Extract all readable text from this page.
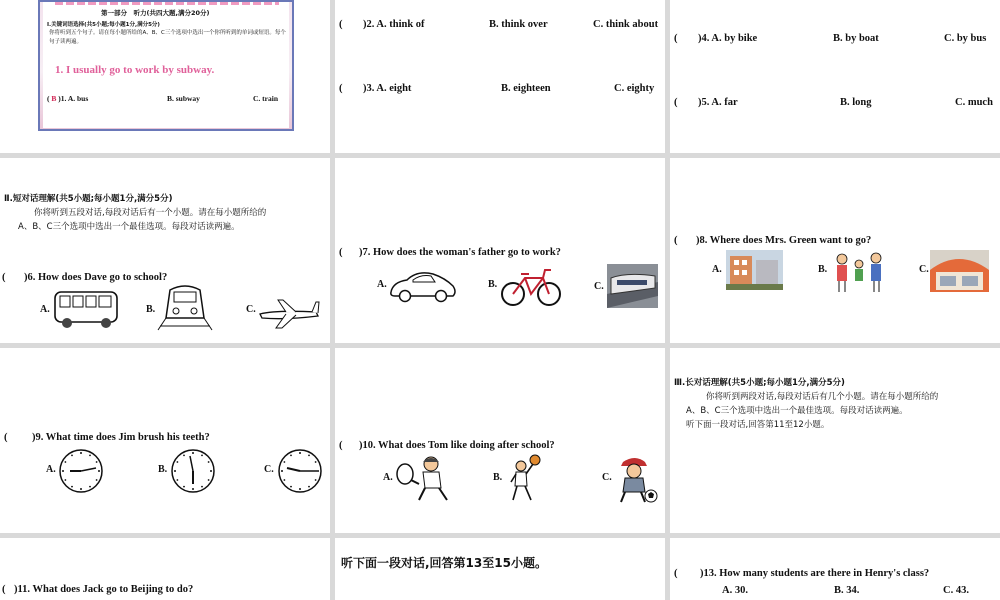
第一部分　听力(共四大题,满分20分)
Ⅰ.关键词语选择(共5小题;每小题1分,满分5分)
你将听到五个句子。请在每小题所给的A、B、C三个选项中选出一个你所听到的单词或短语。每个句子读两遍。
1. I usually go to work by subway.
( B )1. A. bus	B. subway	C. train
( )2. A. think of	B. think over	C. think about
( )3. A. eight	B. eighteen	C. eighty
( )4. A. by bike	B. by boat	C. by bus
( )5. A. far	B. long	C. much
Ⅱ.短对话理解(共5小题;每小题1分,满分5分)
你将听到五段对话,每段对话后有一个小题。请在每小题所给的
A、B、C三个选项中选出一个最佳选项。每段对话读两遍。
( )6. How does Dave go to school?
A.	B.	C.
( )7. How does the woman's father go to work?
A.	B.	C.
( )8. Where does Mrs. Green want to go?
A.	B.	C.
( )9. What time does Jim brush his teeth?
A.	B.	C.
( )10. What does Tom like doing after school?
A.	B.	C.
Ⅲ.长对话理解(共5小题;每小题1分,满分5分)
你将听到两段对话,每段对话后有几个小题。请在每小题所给的
A、B、C三个选项中选出一个最佳选项。每段对话读两遍。
听下面一段对话,回答第11至12小题。
( )11. What does Jack go to Beijing to do?
听下面一段对话,回答第13至15小题。
( )13. How many students are there in Henry's class?
A. 30.	B. 34.	C. 43.
